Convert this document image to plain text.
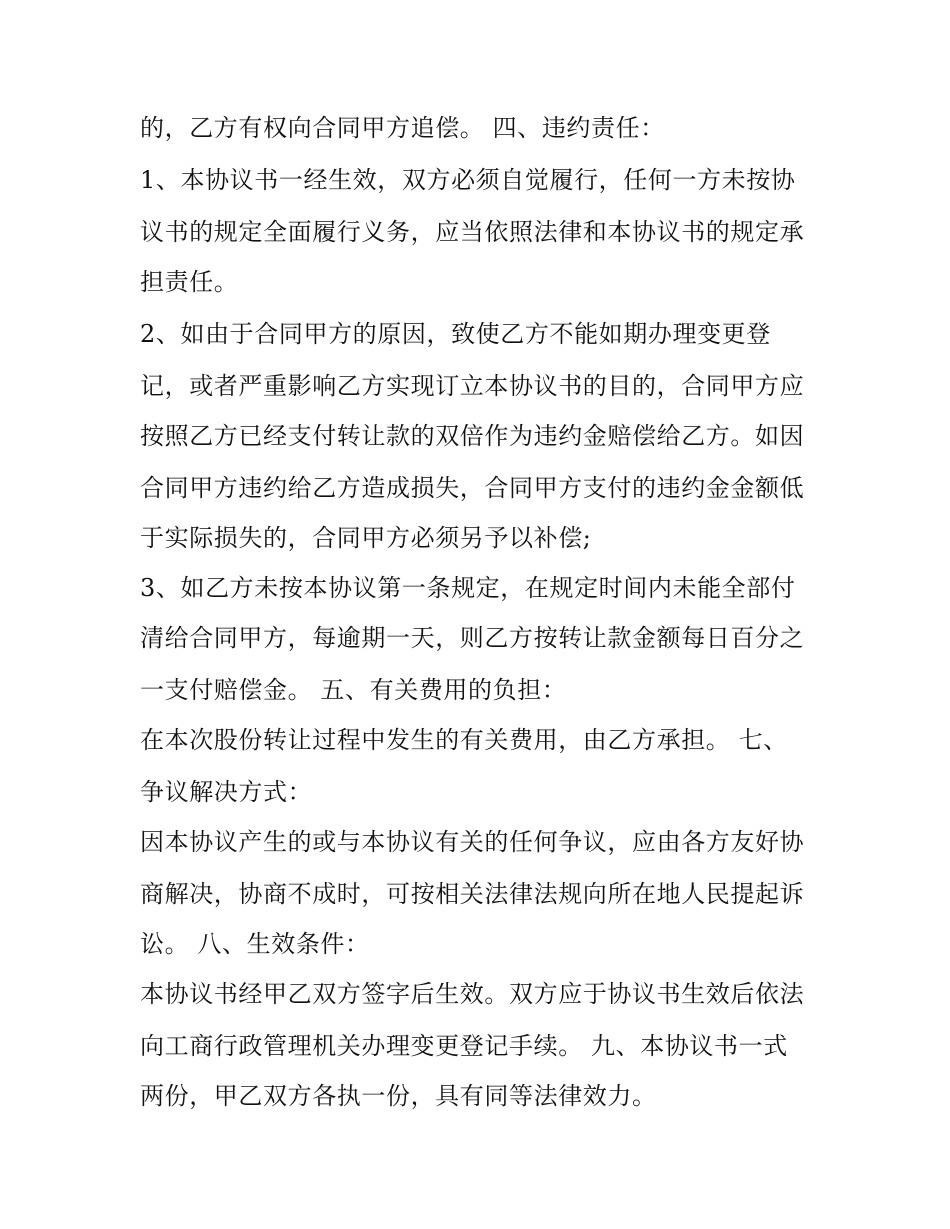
的，乙方有权向合同甲方追偿。 四、违约责任：
1、本协议书一经生效，双方必须自觉履行，任何一方未按协
议书的规定全面履行义务，应当依照法律和本协议书的规定承
担责任。
2、如由于合同甲方的原因，致使乙方不能如期办理变更登
记，或者严重影响乙方实现订立本协议书的目的，合同甲方应
按照乙方已经支付转让款的双倍作为违约金赔偿给乙方。如因
合同甲方违约给乙方造成损失，合同甲方支付的违约金金额低
于实际损失的，合同甲方必须另予以补偿;
3、如乙方未按本协议第一条规定，在规定时间内未能全部付
清给合同甲方，每逾期一天，则乙方按转让款金额每日百分之
一支付赔偿金。 五、有关费用的负担：
在本次股份转让过程中发生的有关费用，由乙方承担。 七、
争议解决方式：
因本协议产生的或与本协议有关的任何争议，应由各方友好协
商解决，协商不成时，可按相关法律法规向所在地人民提起诉
讼。 八、生效条件：
本协议书经甲乙双方签字后生效。双方应于协议书生效后依法
向工商行政管理机关办理变更登记手续。 九、本协议书一式
两份，甲乙双方各执一份，具有同等法律效力。
